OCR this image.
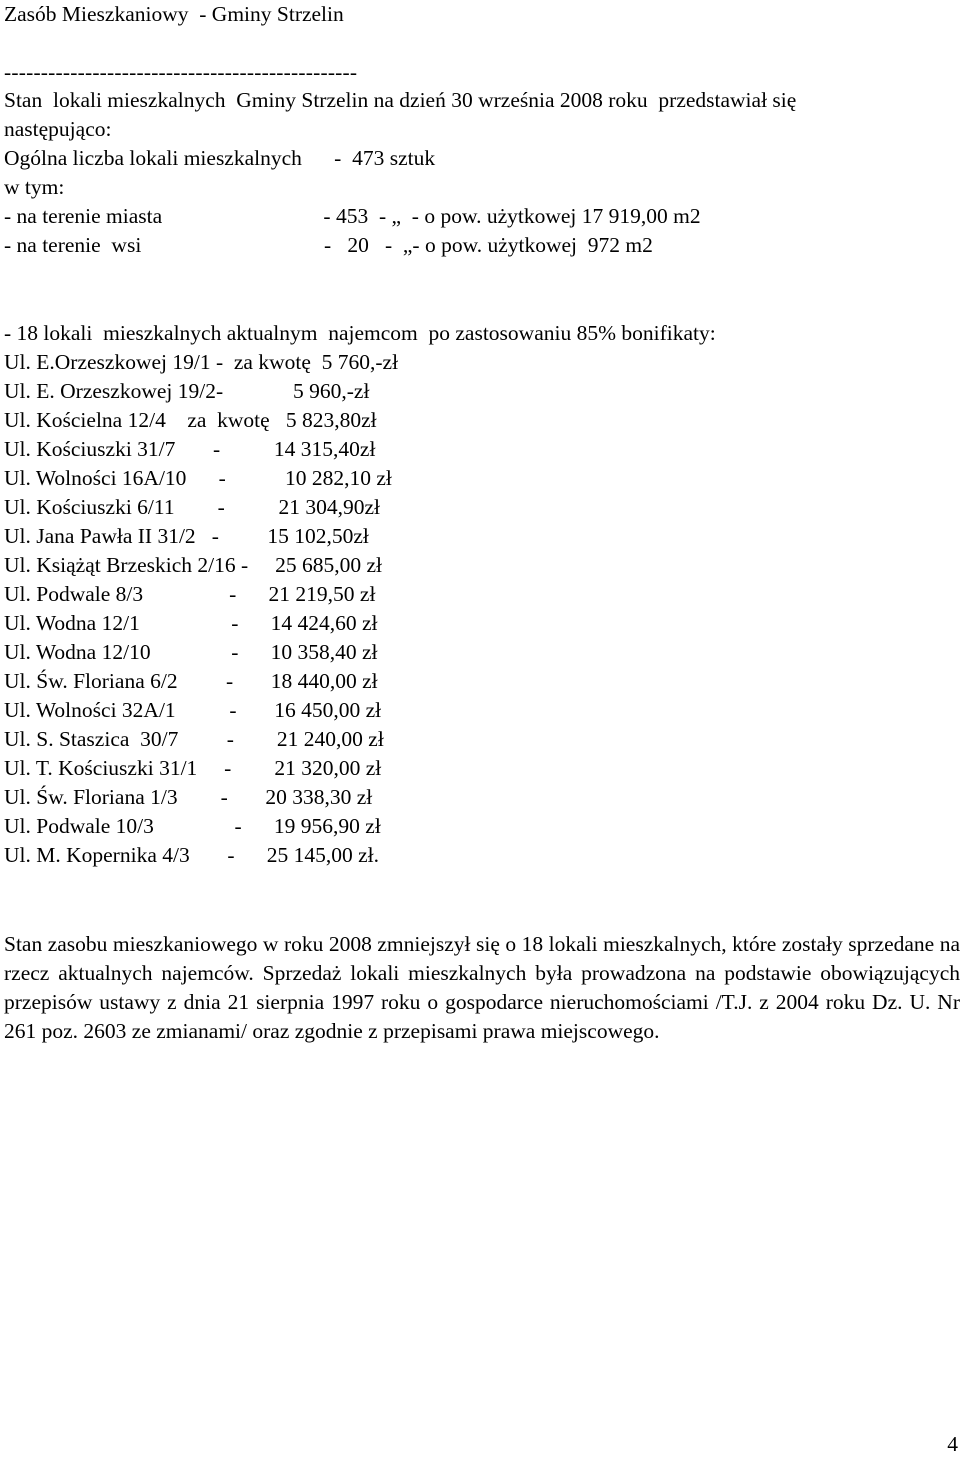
Zasób Mieszkaniowy  - Gminy Strzelin
------------------------------------------------
Stan  lokali mieszkalnych  Gminy Strzelin na dzień 30 września 2008 roku  przedstawiał się
następująco:
Ogólna liczba lokali mieszkalnych      -  473 sztuk
w tym:
- na terenie miasta                              - 453  - „  - o pow. użytkowej 17 919,00 m2
- na terenie  wsi                                  -   20   -  „- o pow. użytkowej  972 m2
- 18 lokali  mieszkalnych aktualnym  najemcom  po zastosowaniu 85% bonifikaty:
Ul. E.Orzeszkowej 19/1 -  za kwotę  5 760,-zł
Ul. E. Orzeszkowej 19/2-             5 960,-zł
Ul. Kościelna 12/4    za  kwotę   5 823,80zł
Ul. Kościuszki 31/7       -          14 315,40zł
Ul. Wolności 16A/10      -           10 282,10 zł
Ul. Kościuszki 6/11        -          21 304,90zł
Ul. Jana Pawła II 31/2   -         15 102,50zł
Ul. Książąt Brzeskich 2/16 -     25 685,00 zł
Ul. Podwale 8/3                -      21 219,50 zł
Ul. Wodna 12/1                 -      14 424,60 zł
Ul. Wodna 12/10               -      10 358,40 zł
Ul. Św. Floriana 6/2         -       18 440,00 zł
Ul. Wolności 32A/1          -       16 450,00 zł
Ul. S. Staszica  30/7         -        21 240,00 zł
Ul. T. Kościuszki 31/1     -        21 320,00 zł
Ul. Św. Floriana 1/3        -       20 338,30 zł
Ul. Podwale 10/3               -      19 956,90 zł
Ul. M. Kopernika 4/3       -      25 145,00 zł.
Stan zasobu mieszkaniowego w roku 2008 zmniejszył się o 18 lokali mieszkalnych, które zostały sprzedane na rzecz aktualnych najemców. Sprzedaż lokali mieszkalnych była prowadzona na podstawie obowiązujących przepisów ustawy z dnia 21 sierpnia 1997 roku o gospodarce nieruchomościami /T.J. z 2004 roku Dz. U. Nr 261 poz. 2603 ze zmianami/ oraz zgodnie z przepisami prawa miejscowego.
4
